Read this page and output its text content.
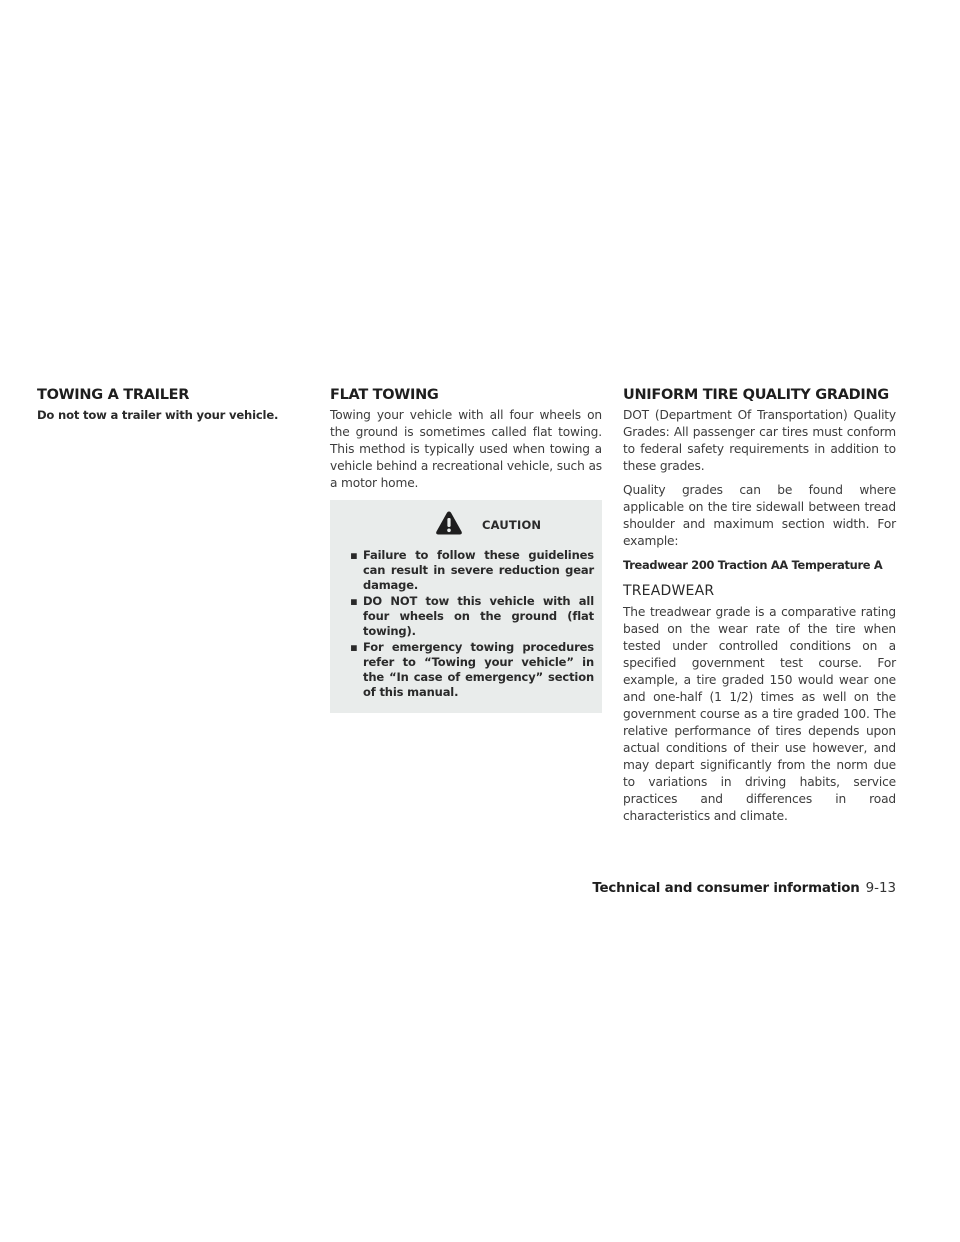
TOWING A TRAILER

Do not tow a trailer with your vehicle.

FLAT TOWING

Towing your vehicle with all four wheels on the ground is sometimes called flat towing. This method is typically used when towing a vehicle behind a recreational vehicle, such as a motor home.

CAUTION
▪ Failure to follow these guidelines can result in severe reduction gear damage.
▪ DO NOT tow this vehicle with all four wheels on the ground (flat towing).
▪ For emergency towing procedures refer to “Towing your vehicle” in the “In case of emergency” section of this manual.
UNIFORM TIRE QUALITY GRADING

DOT (Department Of Transportation) Quality Grades: All passenger car tires must conform to federal safety requirements in addition to these grades.

Quality grades can be found where applicable on the tire sidewall between tread shoulder and maximum section width. For example:

Treadwear 200 Traction AA Temperature A

TREADWEAR

The treadwear grade is a comparative rating based on the wear rate of the tire when tested under controlled conditions on a specified government test course. For example, a tire graded 150 would wear one and one-half (1 1/2) times as well on the government course as a tire graded 100. The relative performance of tires depends upon actual conditions of their use however, and may depart significantly from the norm due to variations in driving habits, service practices and differences in road characteristics and climate.

Technical and consumer information 9-13
